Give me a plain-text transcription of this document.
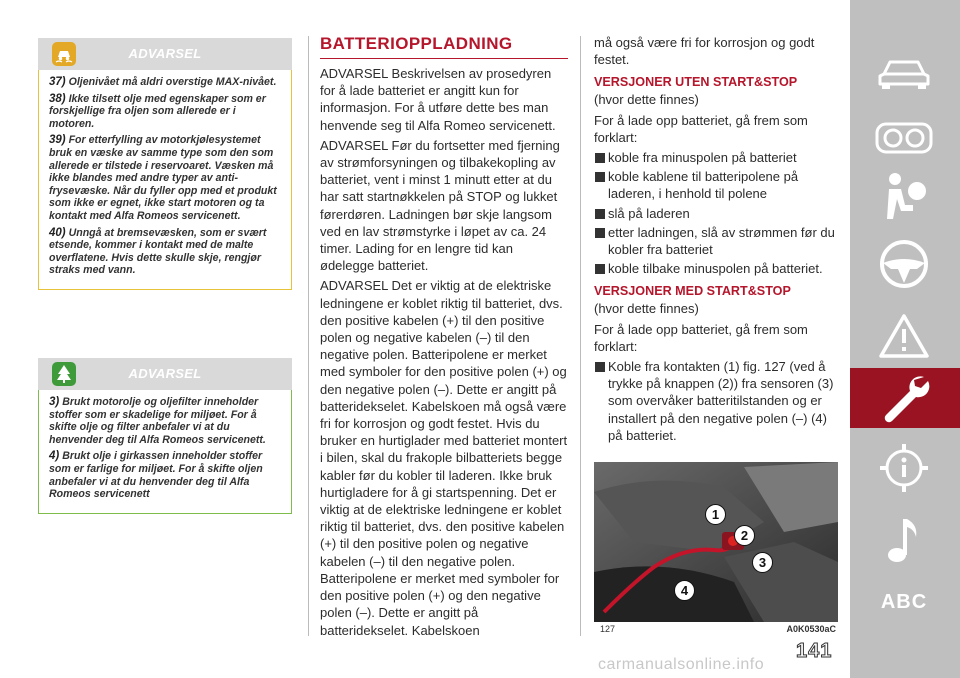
ADVARSEL

37) Oljenivået må aldri overstige MAX-nivået.

38) Ikke tilsett olje med egenskaper som er forskjellige fra oljen som allerede er i motoren.

39) For etterfylling av motorkjølesystemet bruk en væske av samme type som den som allerede er tilstede i reservoaret. Væsken må ikke blandes med andre typer av anti-frysevæske. Når du fyller opp med et produkt som ikke er egnet, ikke start motoren og ta kontakt med Alfa Romeos servicenett.

40) Unngå at bremsevæsken, som er svært etsende, kommer i kontakt med de malte overflatene. Hvis dette skulle skje, rengjør straks med vann.

ADVARSEL

3) Brukt motorolje og oljefilter inneholder stoffer som er skadelige for miljøet. For å skifte olje og filter anbefaler vi at du henvender deg til Alfa Romeos servicenett.

4) Brukt olje i girkassen inneholder stoffer som er farlige for miljøet. For å skifte oljen anbefaler vi at du henvender deg til Alfa Romeos servicenett

BATTERIOPPLADNING

ADVARSEL Beskrivelsen av prosedyren for å lade batteriet er angitt kun for informasjon. For å utføre dette bes man henvende seg til Alfa Romeo servicenett.

ADVARSEL Før du fortsetter med fjerning av strømforsyningen og tilbakekopling av batteriet, vent i minst 1 minutt etter at du har satt startnøkkelen på STOP og lukket førerdøren. Ladningen bør skje langsom ved en lav strømstyrke i løpet av ca. 24 timer. Lading for en lengre tid kan ødelegge batteriet.

ADVARSEL Det er viktig at de elektriske ledningene er koblet riktig til batteriet, dvs. den positive kabelen (+) til den positive polen og negative kabelen (–) til den negative polen. Batteripolene er merket med symboler for den positive polen (+) og den negative polen (–). Dette er angitt på batteridekselet. Kabelskoen må også være fri for korrosjon og godt festet. Hvis du bruker en hurtiglader med batteriet montert i bilen, skal du frakople bilbatteriets begge kabler før du kobler til laderen. Ikke bruk hurtigladere for å gi startspenning. Det er viktig at de elektriske ledningene er koblet riktig til batteriet, dvs. den positive kabelen (+) til den positive polen og negative kabelen (–) til den negative polen. Batteripolene er merket med symboler for den positive polen (+) og den negative polen (–). Dette er angitt på batteridekselet. Kabelskoen

må også være fri for korrosjon og godt festet.

VERSJONER UTEN START&STOP

(hvor dette finnes)

For å lade opp batteriet, gå frem som forklart:

koble fra minuspolen på batteriet

koble kablene til batteripolene på laderen, i henhold til polene

slå på laderen

etter ladningen, slå av strømmen før du kobler fra batteriet

koble tilbake minuspolen på batteriet.

VERSJONER MED START&STOP

(hvor dette finnes)

For å lade opp batteriet, gå frem som forklart:

Koble fra kontakten (1) fig. 127 (ved å trykke på knappen (2)) fra sensoren (3) som overvåker batteritilstanden og er installert på den negative polen (–) (4) på batteriet.

1
2
3
4
127	A0K0530aC
141
carmanualsonline.info
ABC
